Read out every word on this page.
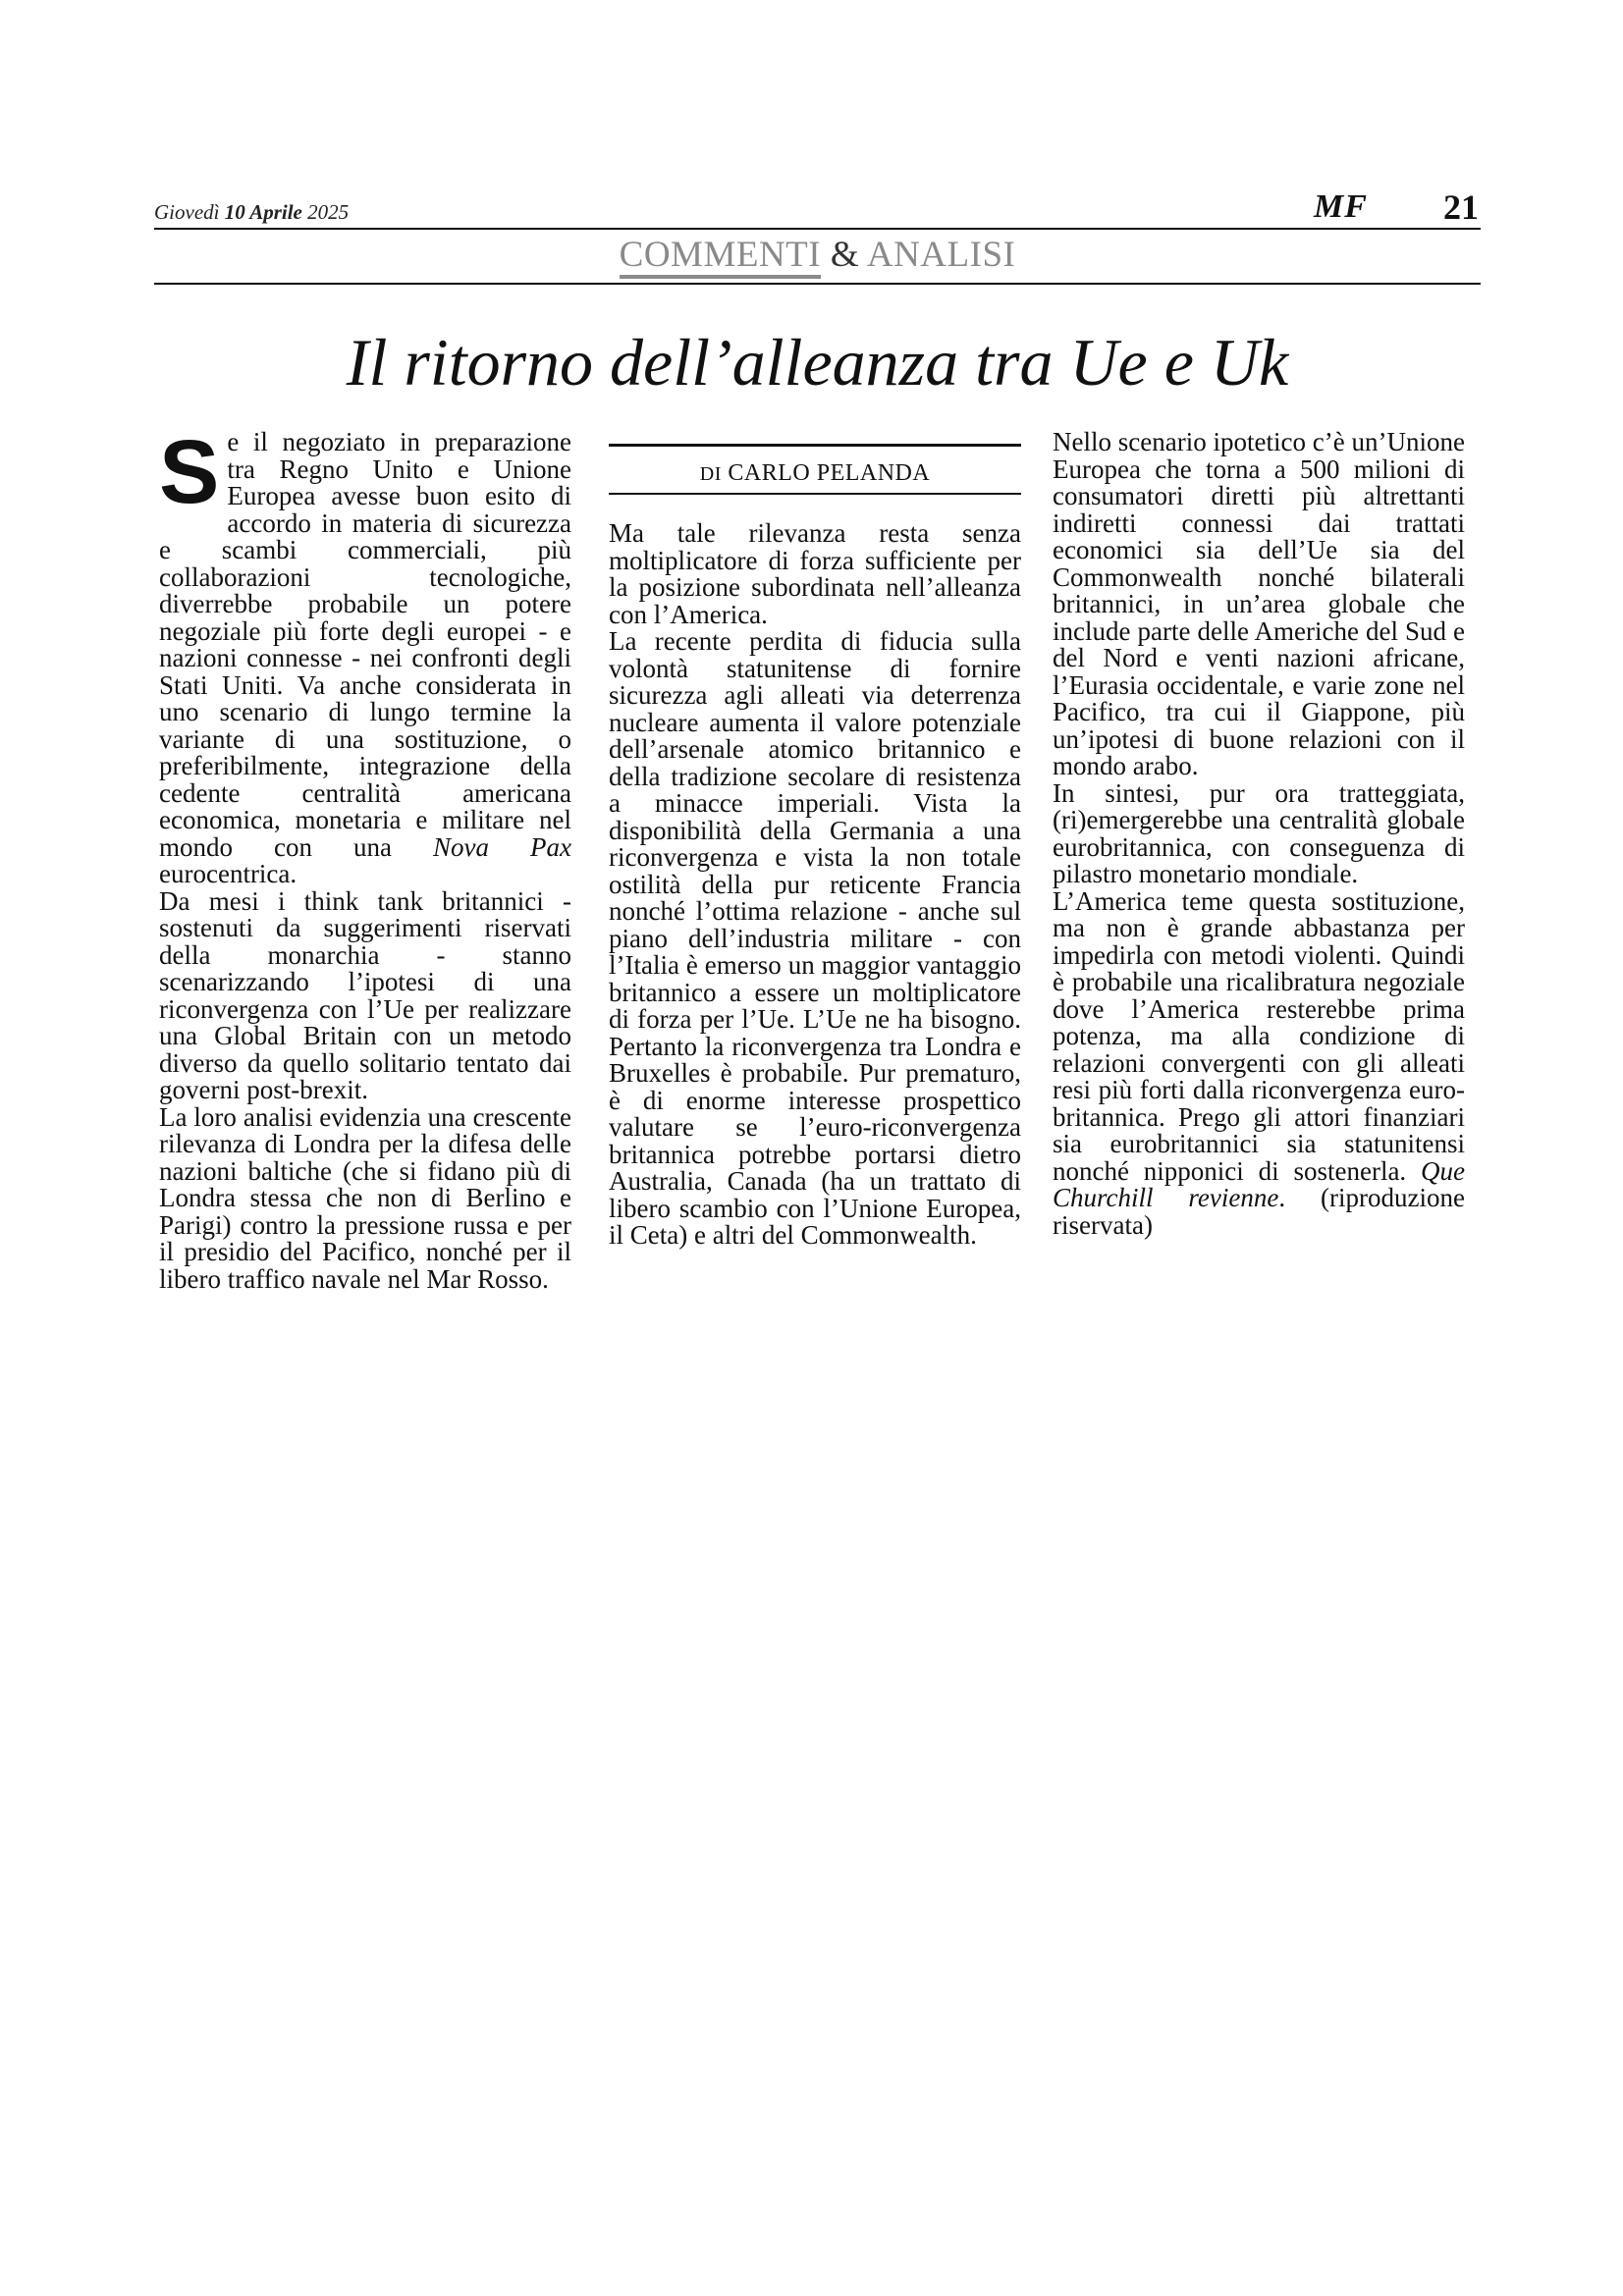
Giovedì 10 Aprile 2025	MF 21
COMMENTI & ANALISI
Il ritorno dell’alleanza tra Ue e Uk
DI CARLO PELANDA

Se il negoziato in preparazione tra Regno Unito e Unione Europea avesse buon esito di accordo in materia di sicurezza e scambi commerciali, più collaborazioni tecnologiche, diverrebbe probabile un potere negoziale più forte degli europei - e nazioni connesse - nei confronti degli Stati Uniti. Va anche considerata in uno scenario di lungo termine la variante di una sostituzione, o preferibilmente, integrazione della cedente centralità americana economica, monetaria e militare nel mondo con una Nova Pax eurocentrica.

Da mesi i think tank britannici - sostenuti da suggerimenti riservati della monarchia - stanno scenarizzando l’ipotesi di una riconvergenza con l’Ue per realizzare una Global Britain con un metodo diverso da quello solitario tentato dai governi post-brexit.

La loro analisi evidenzia una crescente rilevanza di Londra per la difesa delle nazioni baltiche (che si fidano più di Londra stessa che non di Berlino e Parigi) contro la pressione russa e per il presidio del Pacifico, nonché per il libero traffico navale nel Mar Rosso.

Ma tale rilevanza resta senza moltiplicatore di forza sufficiente per la posizione subordinata nell’alleanza con l’America.

La recente perdita di fiducia sulla volontà statunitense di fornire sicurezza agli alleati via deterrenza nucleare aumenta il valore potenziale dell’arsenale atomico britannico e della tradizione secolare di resistenza a minacce imperiali. Vista la disponibilità della Germania a una riconvergenza e vista la non totale ostilità della pur reticente Francia nonché l’ottima relazione - anche sul piano dell’industria militare - con l’Italia è emerso un maggior vantaggio britannico a essere un moltiplicatore di forza per l’Ue. L’Ue ne ha bisogno. Pertanto la riconvergenza tra Londra e Bruxelles è probabile. Pur prematuro, è di enorme interesse prospettico valutare se l’euro-riconvergenza britannica potrebbe portarsi dietro Australia, Canada (ha un trattato di libero scambio con l’Unione Europea, il Ceta) e altri del Commonwealth.

Nello scenario ipotetico c’è un’Unione Europea che torna a 500 milioni di consumatori diretti più altrettanti indiretti connessi dai trattati economici sia dell’Ue sia del Commonwealth nonché bilaterali britannici, in un’area globale che include parte delle Americhe del Sud e del Nord e venti nazioni africane, l’Eurasia occidentale, e varie zone nel Pacifico, tra cui il Giappone, più un’ipotesi di buone relazioni con il mondo arabo.

In sintesi, pur ora tratteggiata, (ri)emergerebbe una centralità globale eurobritannica, con conseguenza di pilastro monetario mondiale.

L’America teme questa sostituzione, ma non è grande abbastanza per impedirla con metodi violenti. Quindi è probabile una ricalibratura negoziale dove l’America resterebbe prima potenza, ma alla condizione di relazioni convergenti con gli alleati resi più forti dalla riconvergenza euro-britannica. Prego gli attori finanziari sia eurobritannici sia statunitensi nonché nipponici di sostenerla. Que Churchill revienne. (riproduzione riservata)
